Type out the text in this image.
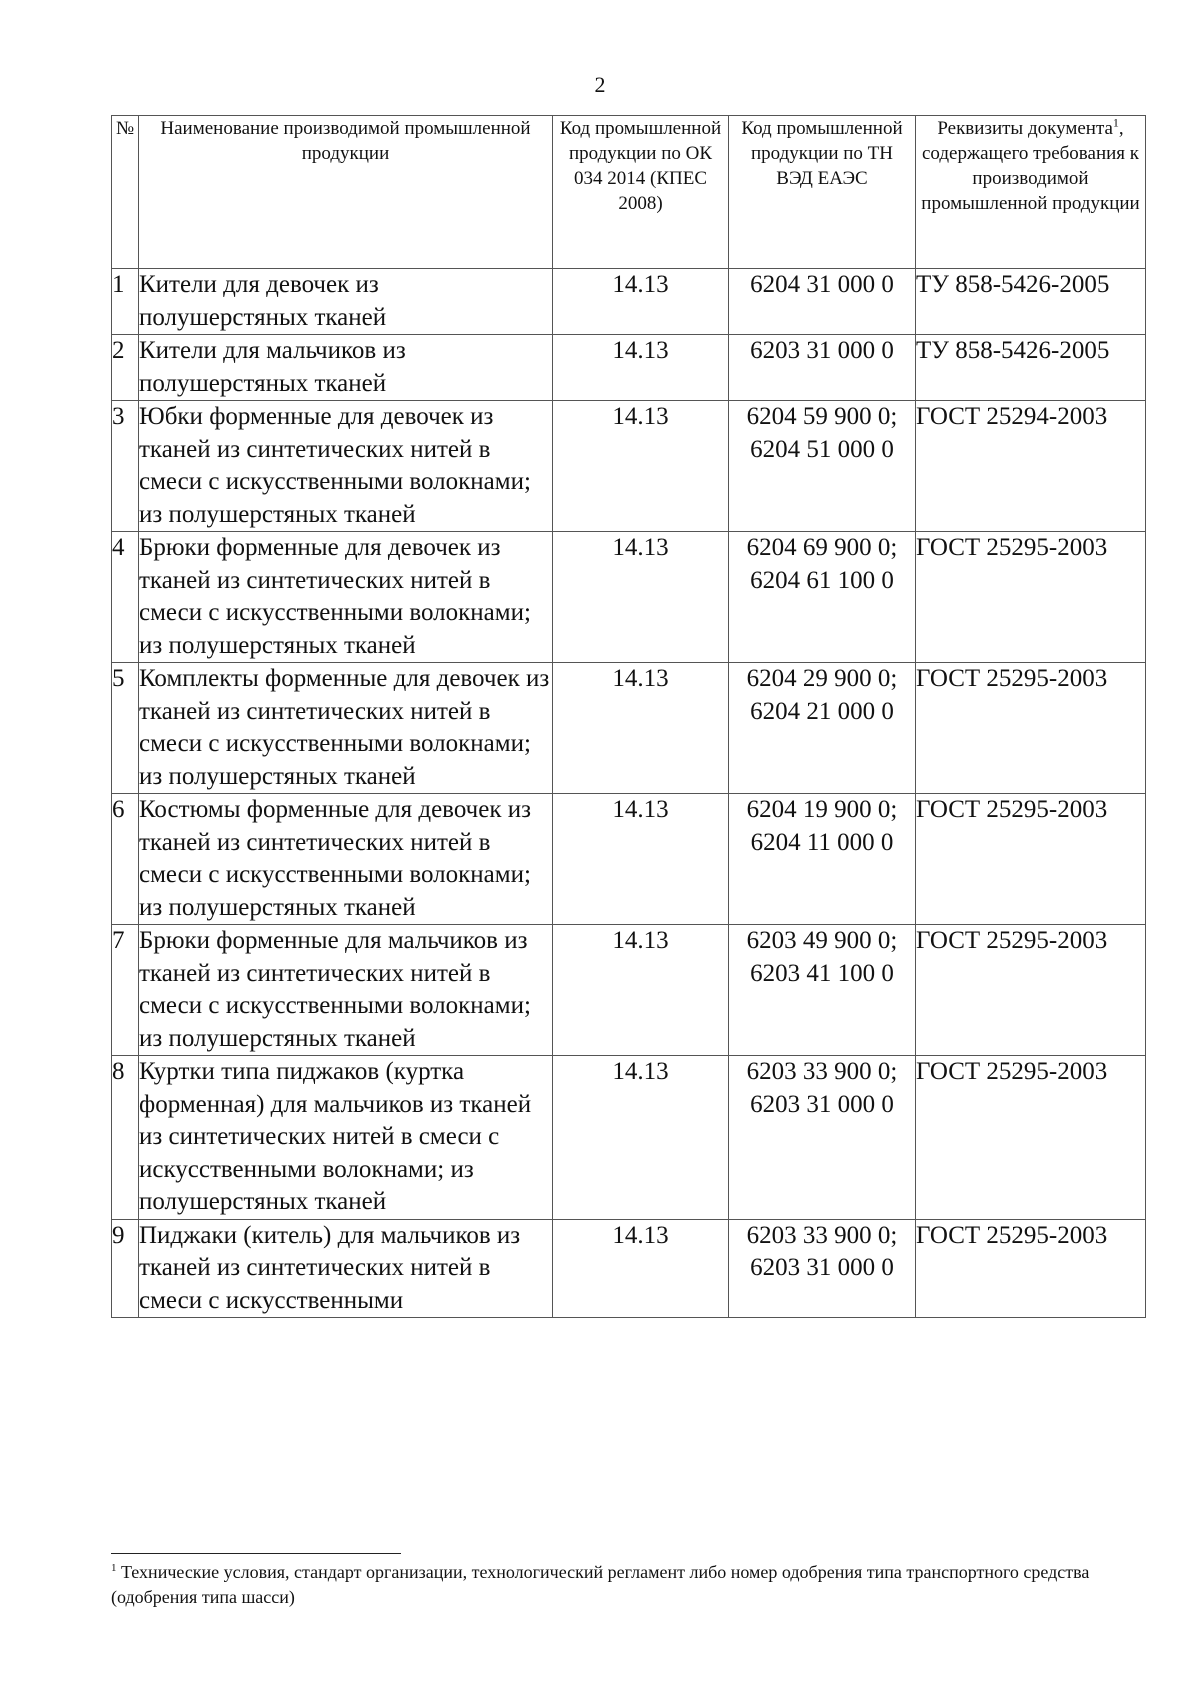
2
№	Наименование производимой промышленной продукции	Код промышленной продукции по ОК 034 2014 (КПЕС 2008)	Код промышленной продукции по ТН ВЭД ЕАЭС	Реквизиты документа$^1$, содержащего требования к производимой промышленной продукции
1	Кители для девочек из полушерстяных тканей	14.13	6204 31 000 0	ТУ 858-5426-2005
2	Кители для мальчиков из полушерстяных тканей	14.13	6203 31 000 0	ТУ 858-5426-2005
3	Юбки форменные для девочек из тканей из синтетических нитей в смеси с искусственными волокнами; из полушерстяных тканей	14.13	6204 59 900 0; 6204 51 000 0	ГОСТ 25294-2003
4	Брюки форменные для девочек из тканей из синтетических нитей в смеси с искусственными волокнами; из полушерстяных тканей	14.13	6204 69 900 0; 6204 61 100 0	ГОСТ 25295-2003
5	Комплекты форменные для девочек из тканей из синтетических нитей в смеси с искусственными волокнами; из полушерстяных тканей	14.13	6204 29 900 0; 6204 21 000 0	ГОСТ 25295-2003
6	Костюмы форменные для девочек из тканей из синтетических нитей в смеси с искусственными волокнами; из полушерстяных тканей	14.13	6204 19 900 0; 6204 11 000 0	ГОСТ 25295-2003
7	Брюки форменные для мальчиков из тканей из синтетических нитей в смеси с искусственными волокнами; из полушерстяных тканей	14.13	6203 49 900 0; 6203 41 100 0	ГОСТ 25295-2003
8	Куртки типа пиджаков (куртка форменная) для мальчиков из тканей из синтетических нитей в смеси с искусственными волокнами; из полушерстяных тканей	14.13	6203 33 900 0; 6203 31 000 0	ГОСТ 25295-2003
9	Пиджаки (китель) для мальчиков из тканей из синтетических нитей в смеси с искусственными	14.13	6203 33 900 0; 6203 31 000 0	ГОСТ 25295-2003
$^1$ Технические условия, стандарт организации, технологический регламент либо номер одобрения типа транспортного средства (одобрения типа шасси)
